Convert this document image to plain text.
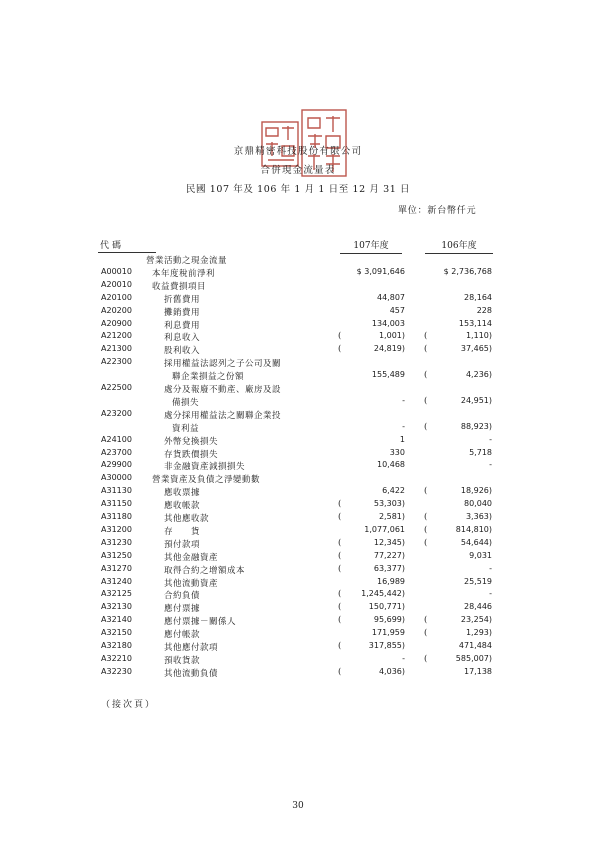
京鼎精密科技股份有限公司
合併現金流量表
民國 107 年及 106 年 1 月 1 日至 12 月 31 日
單位：新台幣仟元
代碼	107年度	106年度
營業活動之現金流量
A00010 本年度稅前淨利	$ 3,091,646	$ 2,736,768
A20010 收益費損項目
A20100	折舊費用	44,807	28,164
A20200	攤銷費用	457	228
A20900	利息費用	134,003	153,114
A21200	利息收入	(	1,001) (	1,110)
A21300	股利收入	(	24,819) (	37,465)
A22300	採用權益法認列之子公司及關
聯企業損益之份額	155,489 (	4,236)
A22500	處分及報廢不動產、廠房及設
備損失	- (	24,951)
A23200	處分採用權益法之關聯企業投
資利益	- (	88,923)
A24100	外幣兌換損失	1	-
A23700	存貨跌價損失	330	5,718
A29900	非金融資產減損損失	10,468	-
A30000 營業資產及負債之淨變動數
A31130	應收票據	6,422 (	18,926)
A31150	應收帳款	(	53,303)	80,040
A31180	其他應收款	(	2,581) (	3,363)
A31200	存　　貨	1,077,061 (	814,810)
A31230	預付款項	(	12,345) (	54,644)
A31250	其他金融資產	(	77,227)	9,031
A31270	取得合約之增額成本	(	63,377)	-
A31240	其他流動資產	16,989	25,519
A32125	合約負債	(	1,245,442)	-
A32130	應付票據	(	150,771)	28,446
A32140	應付票據－關係人	(	95,699) (	23,254)
A32150	應付帳款	171,959 (	1,293)
A32180	其他應付款項	(	317,855)	471,484
A32210	預收貨款	- (	585,007)
A32230	其他流動負債	(	4,036)	17,138
（接次頁）
30
